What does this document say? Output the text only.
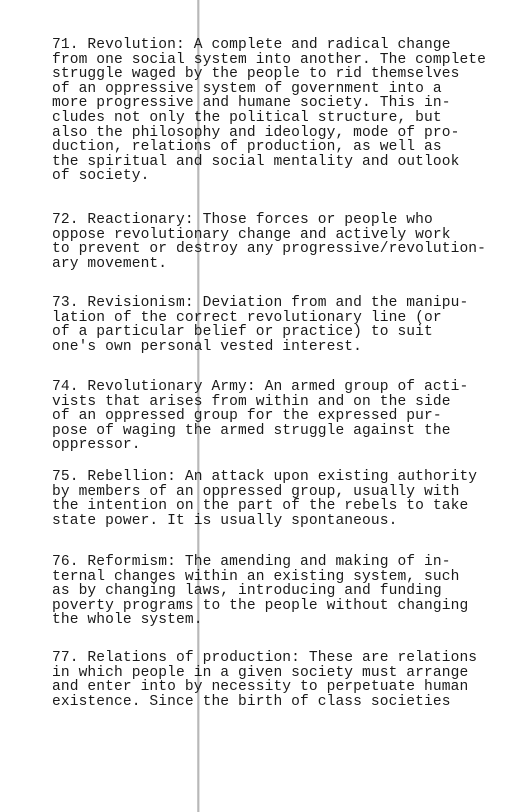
71. Revolution: A complete and radical change
from one social system into another. The complete
struggle waged by the people to rid themselves
of an oppressive system of government into a
more progressive and humane society. This in-
cludes not only the political structure, but
also the philosophy and ideology, mode of pro-
duction, relations of production, as well as
the spiritual and social mentality and outlook
of society.

72. Reactionary: Those forces or people who
oppose revolutionary change and actively work
to prevent or destroy any progressive/revolution-
ary movement.

73. Revisionism: Deviation from and the manipu-
lation of the correct revolutionary line (or
of a particular belief or practice) to suit
one's own personal vested interest.

74. Revolutionary Army: An armed group of acti-
vists that arises from within and on the side
of an oppressed group for the expressed pur-
pose of waging the armed struggle against the
oppressor.

75. Rebellion: An attack upon existing authority
by members of an oppressed group, usually with
the intention on the part of the rebels to take
state power. It is usually spontaneous.

76. Reformism: The amending and making of in-
ternal changes within an existing system, such
as by changing laws, introducing and funding
poverty programs to the people without changing
the whole system.

77. Relations of production: These are relations
in which people in a given society must arrange
and enter into by necessity to perpetuate human
existence. Since the birth of class societies
